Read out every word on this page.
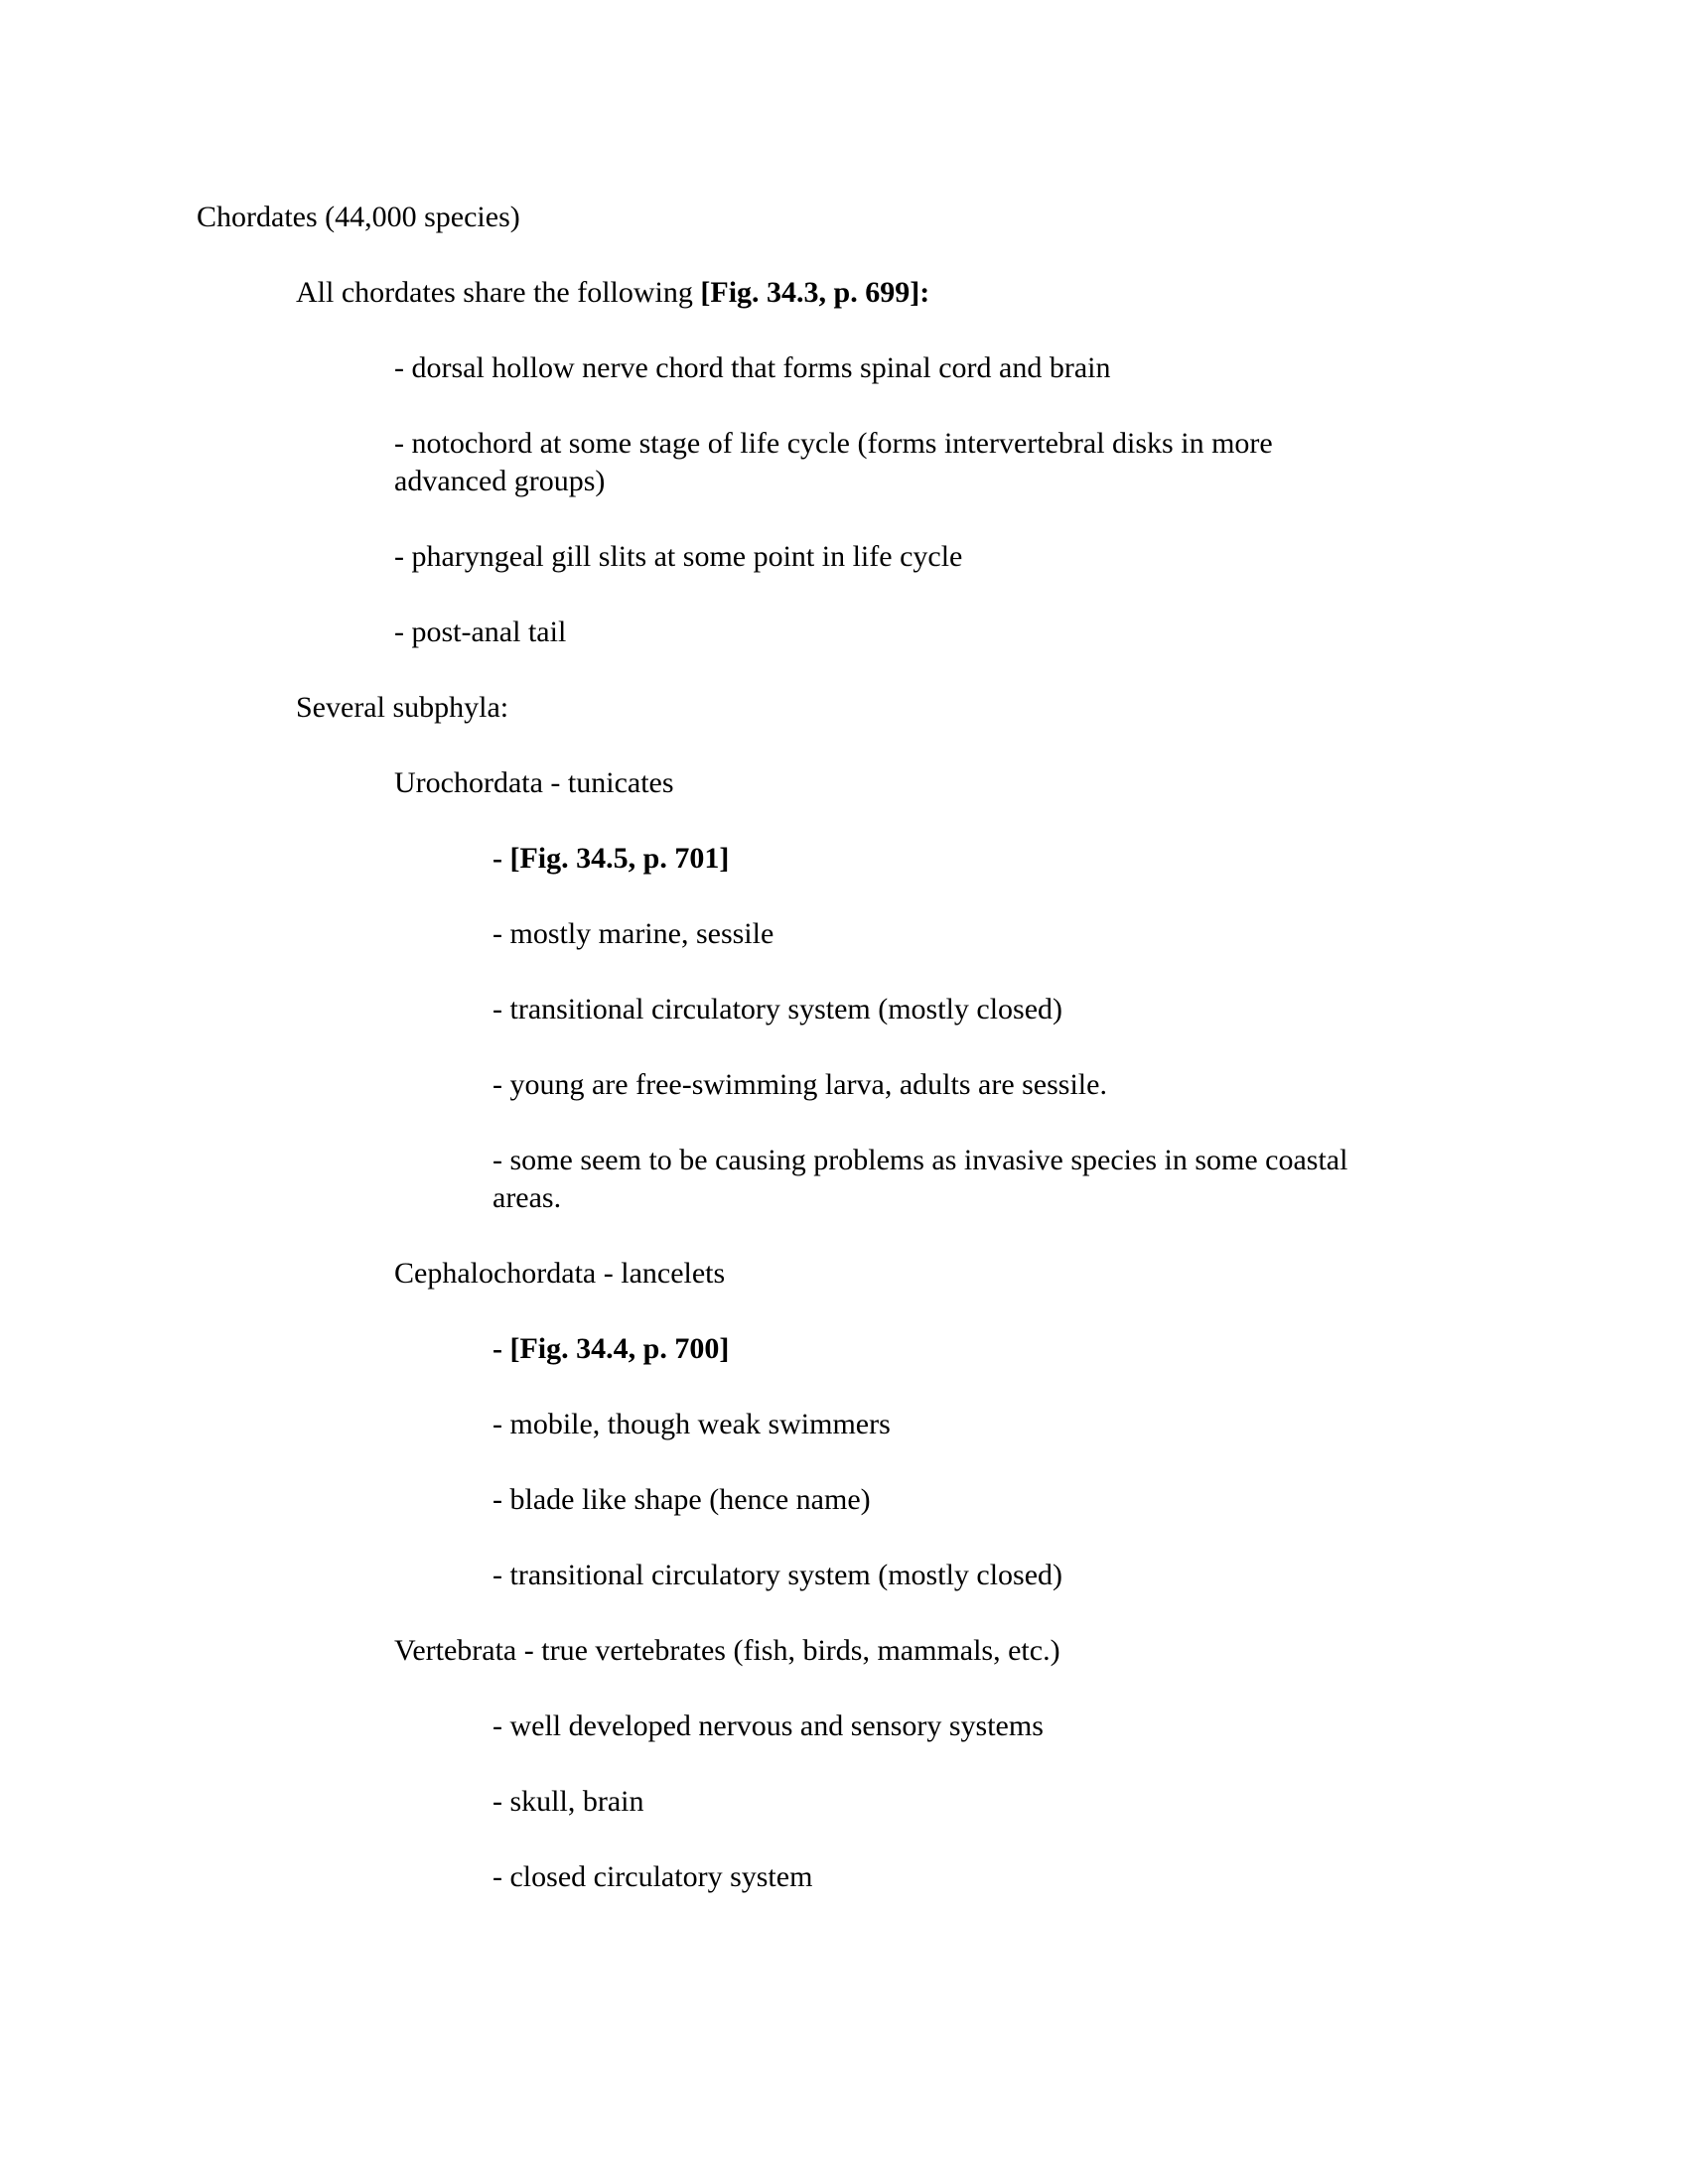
Chordates (44,000 species)
All chordates share the following [Fig. 34.3, p. 699]:
- dorsal hollow nerve chord that forms spinal cord and brain
- notochord at some stage of life cycle (forms intervertebral disks in more
advanced groups)
- pharyngeal gill slits at some point in life cycle
- post-anal tail
Several subphyla:
Urochordata - tunicates
- [Fig. 34.5, p. 701]
- mostly marine, sessile
- transitional circulatory system (mostly closed)
- young are free-swimming larva, adults are sessile.
- some seem to be causing problems as invasive species in some coastal
areas.
Cephalochordata - lancelets
- [Fig. 34.4, p. 700]
- mobile, though weak swimmers
- blade like shape (hence name)
- transitional circulatory system (mostly closed)
Vertebrata - true vertebrates (fish, birds, mammals, etc.)
- well developed nervous and sensory systems
- skull, brain
- closed circulatory system
